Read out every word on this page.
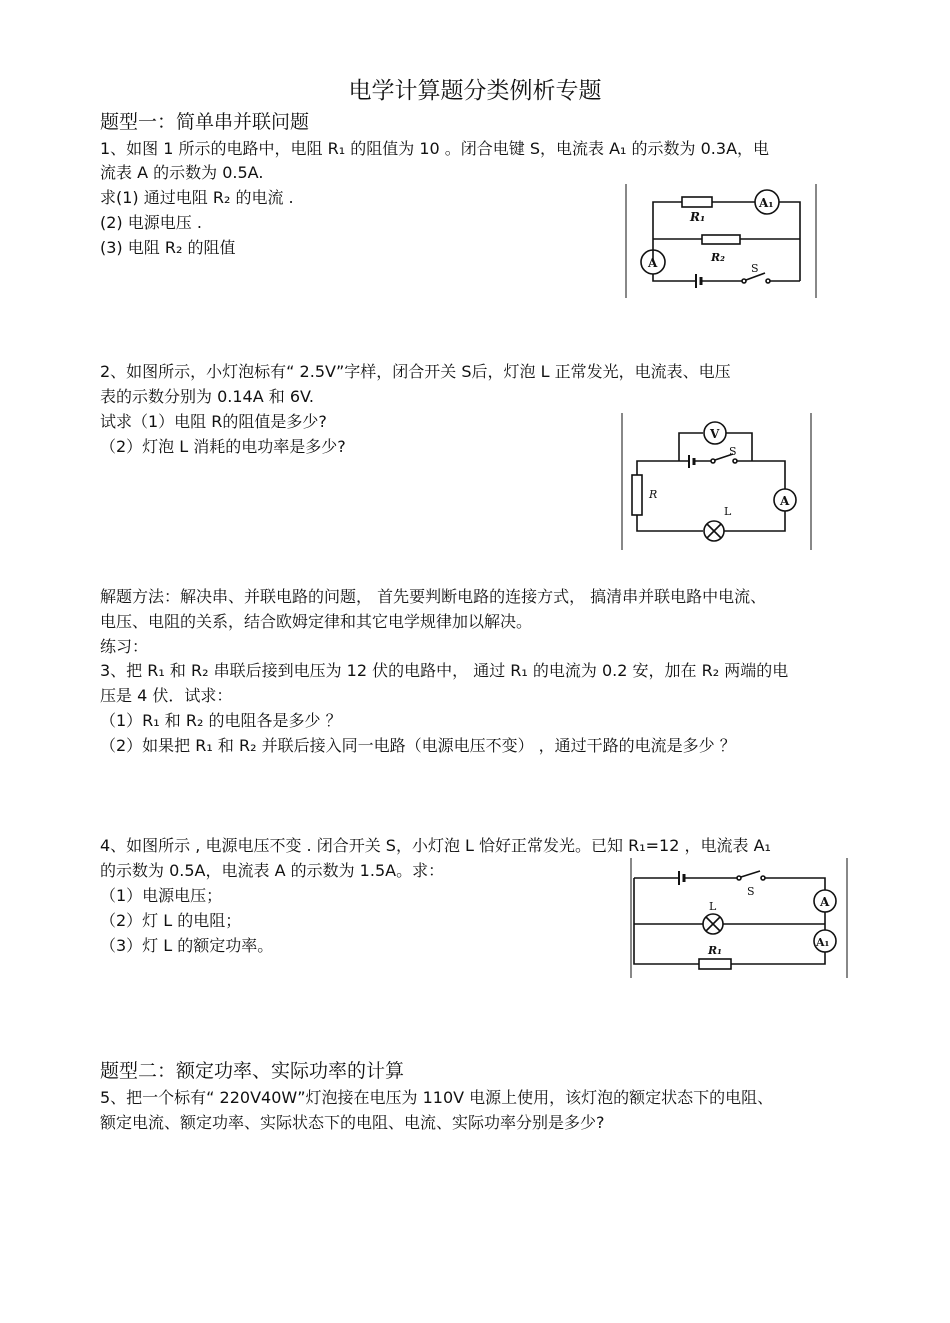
电学计算题分类例析专题
题型一：简单串并联问题
1、如图 1 所示的电路中，电阻 R₁ 的阻值为 10 。闭合电键 S，电流表 A₁ 的示数为 0.3A，电
流表 A 的示数为 0.5A.
求(1) 通过电阻 R₂ 的电流 .
(2) 电源电压 .
(3) 电阻 R₂ 的阻值
R₁
R₂
A₁
A	S
2、如图所示，小灯泡标有“ 2.5V”字样，闭合开关 S后，灯泡 L 正常发光，电流表、电压
表的示数分别为 0.14A 和 6V.
试求（1）电阻 R的阻值是多少?
（2）灯泡 L 消耗的电功率是多少?
V
S
R
L
A
解题方法：解决串、并联电路的问题， 首先要判断电路的连接方式， 搞清串并联电路中电流、
电压、电阻的关系，结合欧姆定律和其它电学规律加以解决。
练习：
3、把 R₁ 和 R₂ 串联后接到电压为 12 伏的电路中， 通过 R₁ 的电流为 0.2 安，加在 R₂ 两端的电
压是 4 伏．试求：
（1）R₁ 和 R₂ 的电阻各是多少 ？
（2）如果把 R₁ 和 R₂ 并联后接入同一电路（电源电压不变） ，通过干路的电流是多少 ？
4、如图所示 , 电源电压不变 . 闭合开关 S，小灯泡 L 恰好正常发光。已知 R₁=12 ，电流表 A₁
的示数为 0.5A，电流表 A 的示数为 1.5A。求：
（1）电源电压；
（2）灯 L 的电阻；
（3）灯 L 的额定功率。
S
A
A₁
L
R₁
题型二：额定功率、实际功率的计算
5、把一个标有“ 220V40W”灯泡接在电压为 110V 电源上使用，该灯泡的额定状态下的电阻、
额定电流、额定功率、实际状态下的电阻、电流、实际功率分别是多少?
